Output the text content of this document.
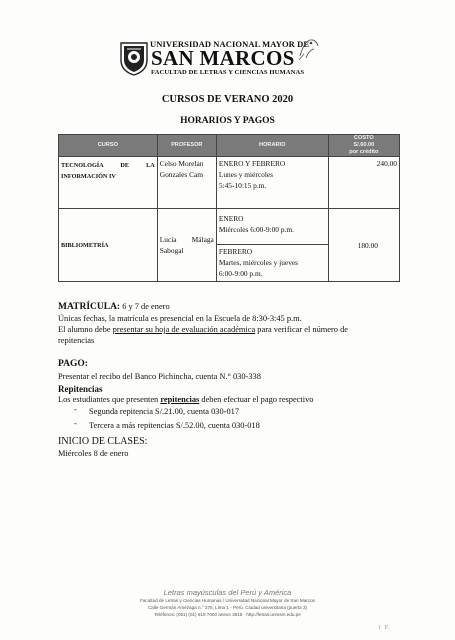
UNIVERSIDAD NACIONAL MAYOR DE
SAN MARCOS
FACULTAD DE LETRAS Y CIENCIAS HUMANAS
CURSOS DE VERANO 2020
HORARIOS Y PAGOS
CURSO	PROFESOR	HORARIO	COSTO
S/.60.00
por crédito

TECNOLOGÍA DE LA INFORMACIÓN IV	Celso Morelan Gonzales Cam	ENERO Y FEBRERO
Lunes y miércoles
5:45-10:15 p.m.	240.00
BIBLIOMETRÍA	Lucía Málaga Sabogal	ENERO
Miércoles 6:00-9:00 p.m.
FEBRERO
Martes, miércoles y jueves
6:00-9:00 p.m.	180.00
MATRÍCULA: 6 y 7 de enero
Únicas fechas, la matrícula es presencial en la Escuela de 8:30-3:45 p.m.
El alumno debe presentar su hoja de evaluación académica para verificar el número de
repitencias
PAGO:
Presentar el recibo del Banco Pichincha, cuenta N.° 030-338
Repitencias
Los estudiantes que presenten repitencias deben efectuar el pago respectivo
- Segunda repitencia S/.21.00, cuenta 030-017
- Tercera a más repitencias S/.52.00, cuenta 030-018
INICIO DE CLASES:
Miércoles 8 de enero
Letras mayúsculas del Perú y América
Facultad de Letras y Ciencias Humanas / Universidad Nacional Mayor de San Marcos
Calle Germán Amézaga n.° 375, Lima 1 - Perú. Ciudad universitaria (puerta 3)
Teléfonos: (051) (01) 619 7000 anexo 3815 · http://letras.unmsm.edu.pe
1 P.
